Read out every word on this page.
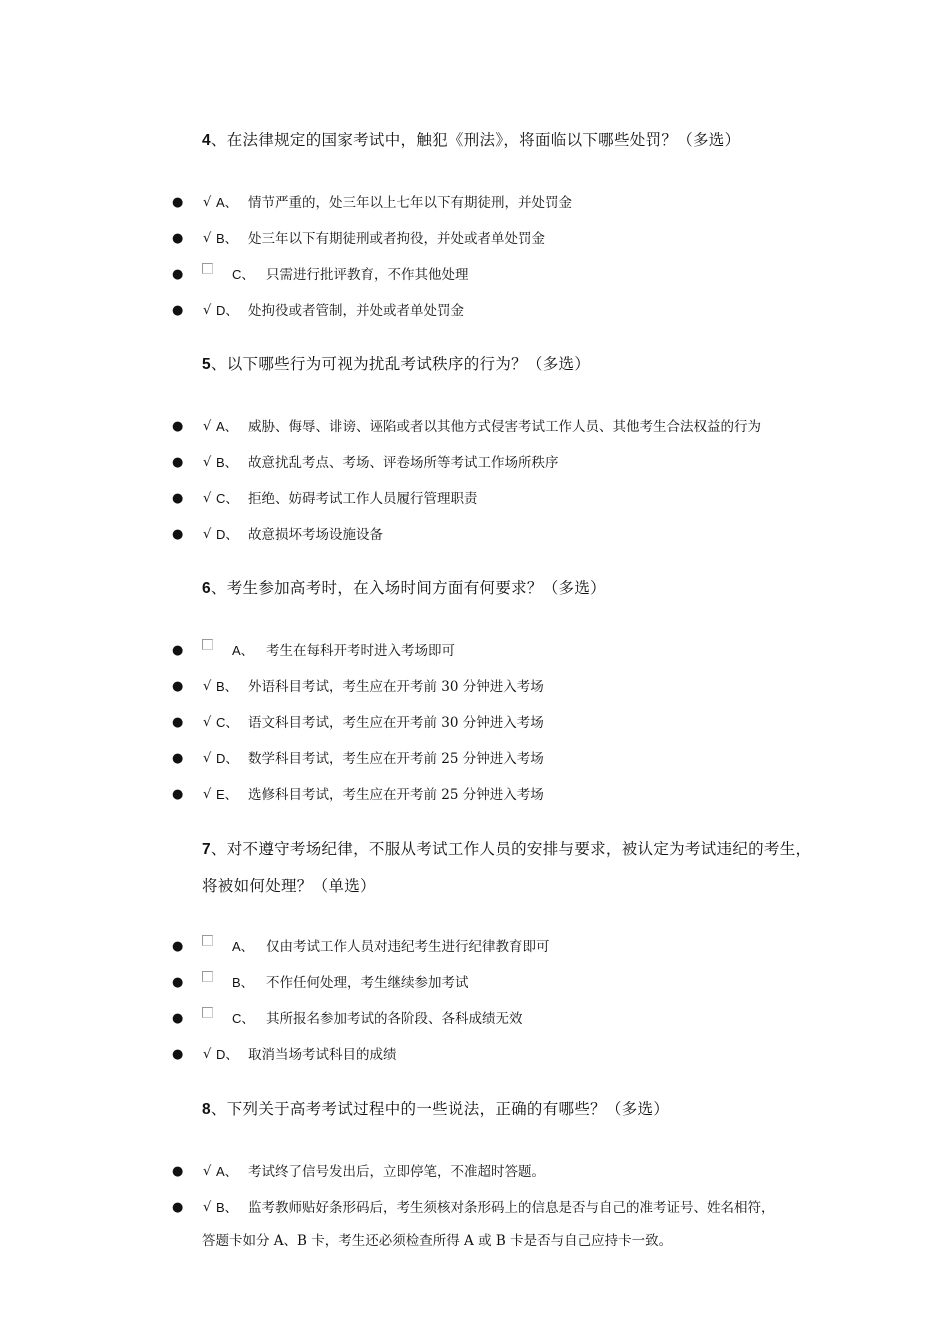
4、在法律规定的国家考试中，触犯《刑法》，将面临以下哪些处罚？（多选）
● √ A、 情节严重的，处三年以上七年以下有期徒刑，并处罚金
● √ B、 处三年以下有期徒刑或者拘役，并处或者单处罚金
●	C、 只需进行批评教育，不作其他处理
● √ D、 处拘役或者管制，并处或者单处罚金
5、以下哪些行为可视为扰乱考试秩序的行为？（多选）
● √ A、 威胁、侮辱、诽谤、诬陷或者以其他方式侵害考试工作人员、其他考生合法权益的行为
● √ B、 故意扰乱考点、考场、评卷场所等考试工作场所秩序
● √ C、 拒绝、妨碍考试工作人员履行管理职责
● √ D、 故意损坏考场设施设备
6、考生参加高考时，在入场时间方面有何要求？（多选）
●	A、 考生在每科开考时进入考场即可
● √ B、 外语科目考试，考生应在开考前 30 分钟进入考场
● √ C、 语文科目考试，考生应在开考前 30 分钟进入考场
● √ D、 数学科目考试，考生应在开考前 25 分钟进入考场
● √ E、 选修科目考试，考生应在开考前 25 分钟进入考场
7、对不遵守考场纪律，不服从考试工作人员的安排与要求，被认定为考试违纪的考生，将被如何处理？（单选）
●	A、 仅由考试工作人员对违纪考生进行纪律教育即可
●	B、 不作任何处理，考生继续参加考试
●	C、 其所报名参加考试的各阶段、各科成绩无效
● √ D、 取消当场考试科目的成绩
8、下列关于高考考试过程中的一些说法，正确的有哪些？（多选）
● √ A、 考试终了信号发出后，立即停笔，不准超时答题。
● √ B、 监考教师贴好条形码后，考生须核对条形码上的信息是否与自己的准考证号、姓名相符，
答题卡如分 A、B 卡，考生还必须检查所得 A 或 B 卡是否与自己应持卡一致。
